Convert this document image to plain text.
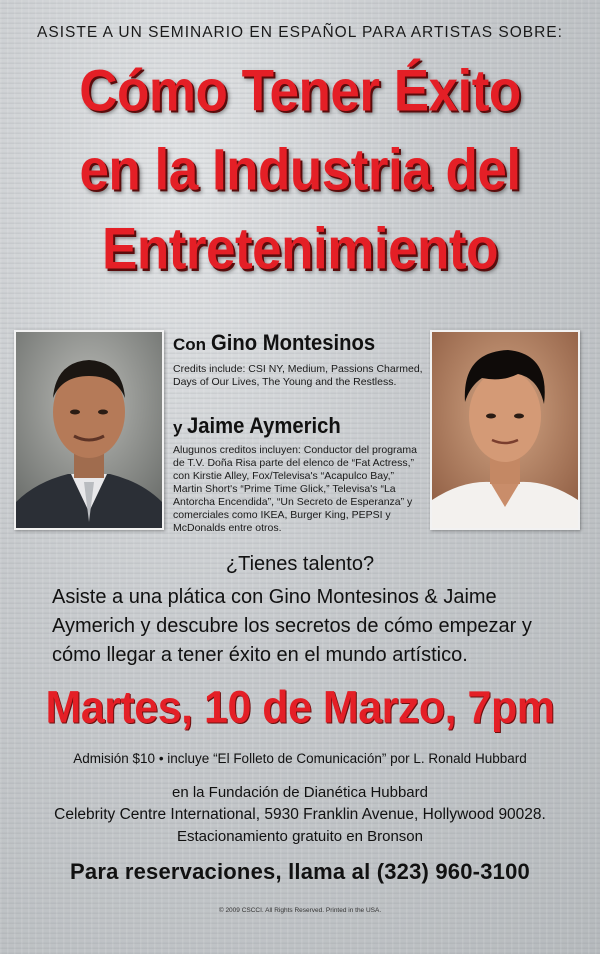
ASISTE A UN SEMINARIO EN ESPAÑOL PARA ARTISTAS SOBRE:
Cómo Tener Éxito
en la Industria del
Entretenimiento
Con Gino Montesinos
Credits include: CSI NY, Medium, Passions Charmed, Days of Our Lives, The Young and the Restless.
y Jaime Aymerich
Alugunos creditos incluyen: Conductor del programa de T.V. Doña Risa parte del elenco de “Fat Actress,” con Kirstie Alley, Fox/Televisa's “Acapulco Bay,” Martin Short's “Prime Time Glick,” Televisa's “La Antorcha Encendida”, “Un Secreto de Esperanza” y comerciales como IKEA, Burger King, PEPSI y McDonalds entre otros.
¿Tienes talento?
Asiste a una plática con Gino Montesinos & Jaime Aymerich y descubre los secretos de cómo empezar y cómo llegar a tener éxito en el mundo artístico.
Martes, 10 de Marzo, 7pm
Admisión $10 • incluye “El Folleto de Comunicación” por L. Ronald Hubbard
en la Fundación de Dianética Hubbard
Celebrity Centre International, 5930 Franklin Avenue, Hollywood 90028.
Estacionamiento gratuito en Bronson
Para reservaciones, llama al (323) 960-3100
© 2009 CSCCI. All Rights Reserved. Printed in the USA.
